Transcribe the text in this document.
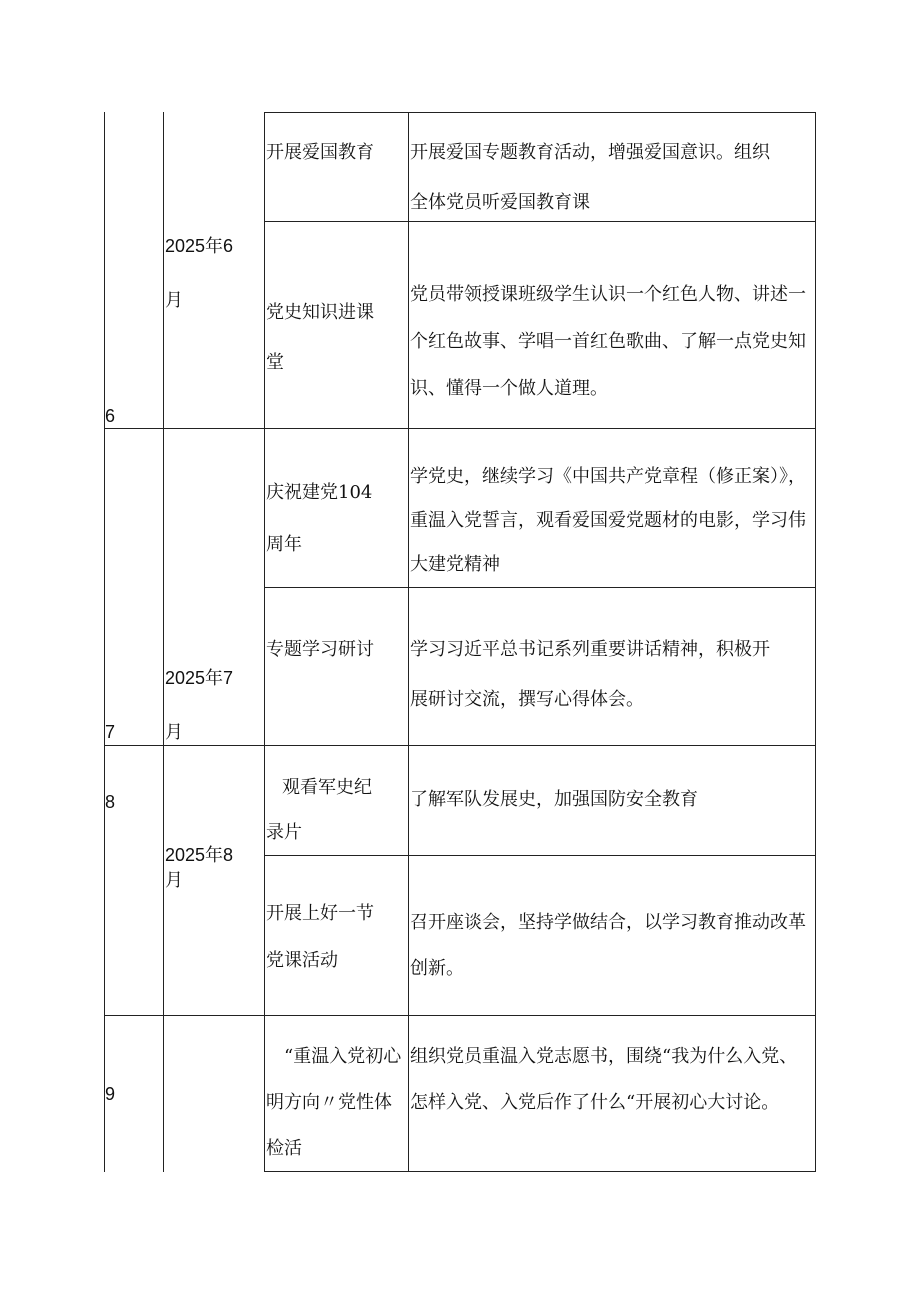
6
2025年6
月
开展爱国教育 开展爱国专题教育活动，增强爱国意识。组织全体党员听爱国教育课
党史知识进课堂
党员带领授课班级学生认识一个红色人物、讲述一个红色故事、学唱一首红色歌曲、了解一点党史知识、懂得一个做人道理。
7
2025年7
月
庆祝建党104周年
学党史，继续学习《中国共产党章程（修正案）》，重温入党誓言，观看爱国爱党题材的电影，学习伟大建党精神
专题学习研讨 学习习近平总书记系列重要讲话精神，积极开展研讨交流，撰写心得体会。
8
2025年8
月
观看军史纪录片
了解军队发展史，加强国防安全教育
开展上好一节党课活动
召开座谈会，坚持学做结合，以学习教育推动改革创新。
9
“重温入党初心明方向〃党性体检活
组织党员重温入党志愿书，围绕“我为什么入党、怎样入党、入党后作了什么“开展初心大讨论。
